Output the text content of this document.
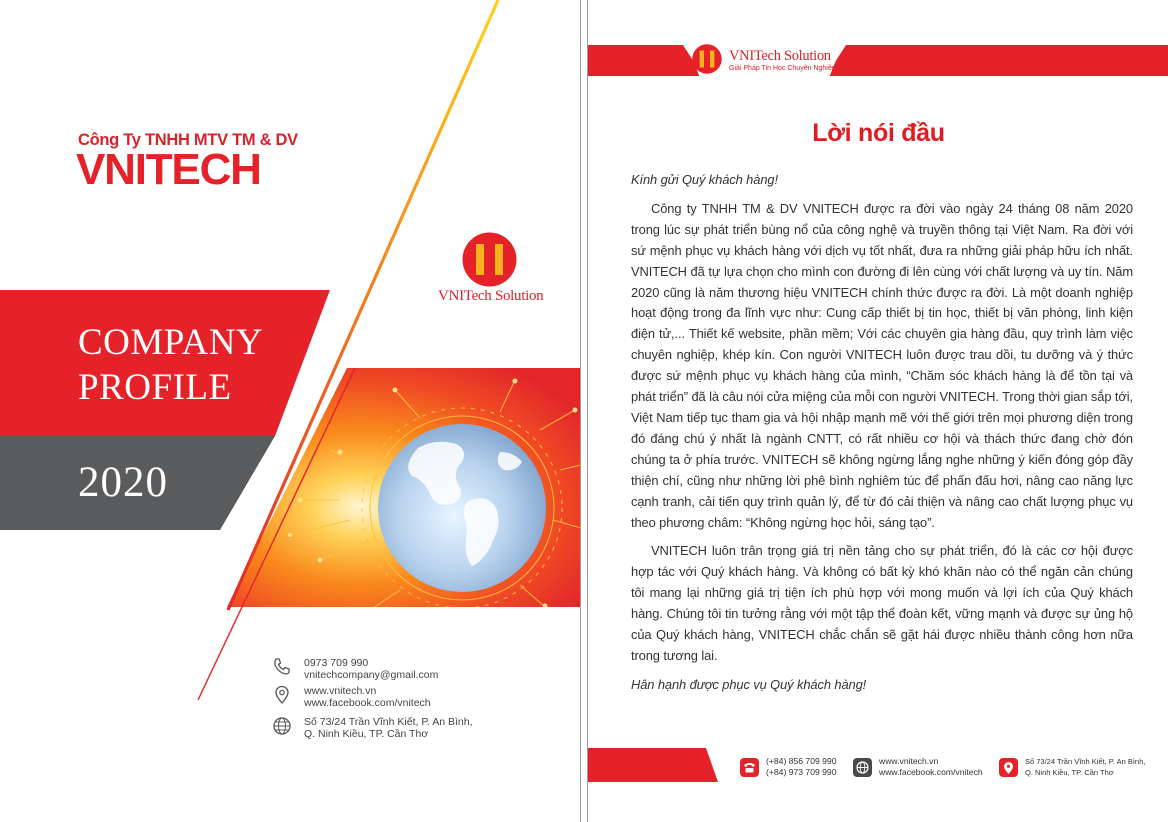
Công Ty TNHH MTV TM & DV
VNITECH
VNITech Solution
COMPANY
PROFILE
2020
0973 709 990
vnitechcompany@gmail.com
www.vnitech.vn
www.facebook.com/vnitech
Số 73/24 Trần Vĩnh Kiết, P. An Bình,
Q. Ninh Kiều, TP. Cần Thơ
VNITech Solution
Giải Pháp Tin Học Chuyên Nghiệp
Lời nói đầu

Kính gửi Quý khách hàng!

Công ty TNHH TM & DV VNITECH được ra đời vào ngày 24 tháng 08 năm 2020 trong lúc sự phát triển bùng nổ của công nghệ và truyền thông tại Việt Nam. Ra đời với sứ mệnh phục vụ khách hàng với dịch vụ tốt nhất, đưa ra những giải pháp hữu ích nhất. VNITECH đã tự lựa chọn cho mình con đường đi lên cùng với chất lượng và uy tín. Năm 2020 cũng là năm thương hiệu VNITECH chính thức được ra đời. Là một doanh nghiệp hoạt động trong đa lĩnh vực như: Cung cấp thiết bị tin học, thiết bị văn phòng, linh kiện điện tử,... Thiết kế website, phần mềm; Với các chuyên gia hàng đầu, quy trình làm việc chuyên nghiệp, khép kín. Con người VNITECH luôn được trau dồi, tu dưỡng và ý thức được sứ mệnh phục vụ khách hàng của mình, “Chăm sóc khách hàng là để tồn tại và phát triển” đã là câu nói cửa miệng của mỗi con người VNITECH. Trong thời gian sắp tới, Việt Nam tiếp tục tham gia và hội nhập mạnh mẽ với thế giới trên mọi phương diện trong đó đáng chú ý nhất là ngành CNTT, có rất nhiều cơ hội và thách thức đang chờ đón chúng ta ở phía trước. VNITECH sẽ không ngừng lắng nghe những ý kiến đóng góp đầy thiện chí, cũng như những lời phê bình nghiêm túc để phấn đấu hơi, nâng cao năng lực cạnh tranh, cải tiến quy trình quản lý, để từ đó cải thiện và nâng cao chất lượng phục vụ theo phương châm: “Không ngừng học hỏi, sáng tạo”.

VNITECH luôn trân trọng giá trị nền tảng cho sự phát triển, đó là các cơ hội được hợp tác với Quý khách hàng. Và không có bất kỳ khó khăn nào có thể ngăn cản chúng tôi mang lại những giá trị tiện ích phù hợp với mong muốn và lợi ích của Quý khách hàng. Chúng tôi tin tưởng rằng với một tập thể đoàn kết, vững mạnh và được sự ủng hộ của Quý khách hàng, VNITECH chắc chắn sẽ gặt hái được nhiều thành công hơn nữa trong tương lai.

Hân hạnh được phục vụ Quý khách hàng!

(+84) 856 709 990
(+84) 973 709 990
www.vnitech.vn
www.facebook.com/vnitech
Số 73/24 Trần Vĩnh Kiết, P. An Bình,
Q. Ninh Kiều, TP. Cần Thơ
